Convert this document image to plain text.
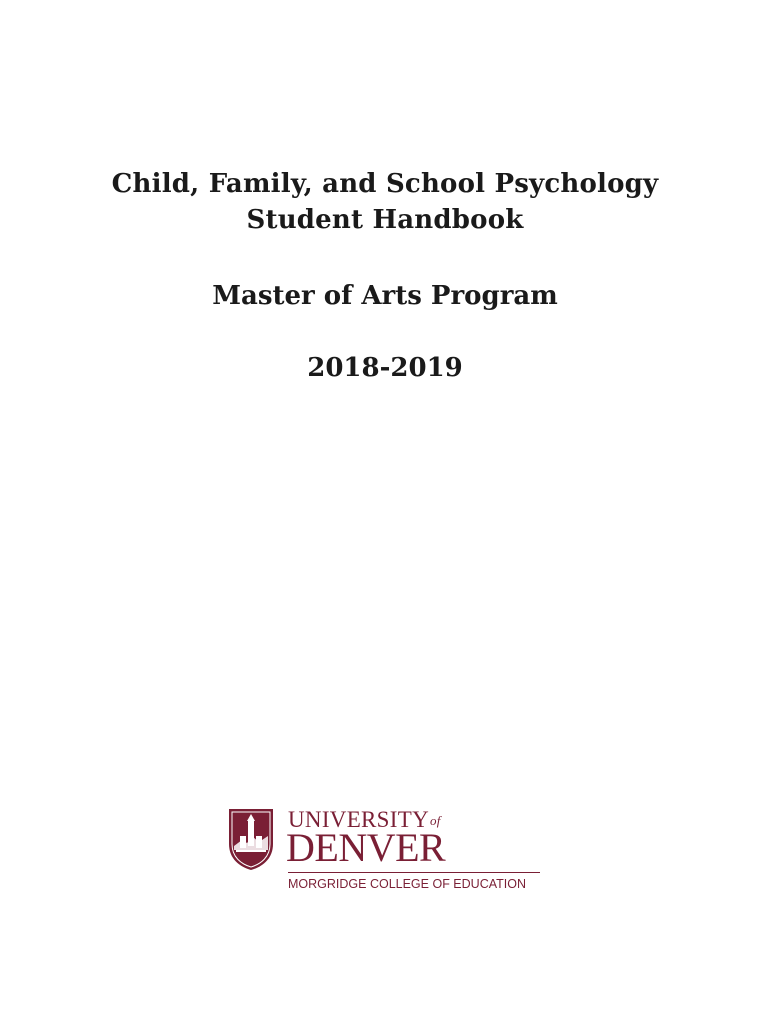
Child, Family, and School Psychology
Student Handbook
Master of Arts Program
2018-2019
UNIVERSITYof
DENVER
MORGRIDGE COLLEGE OF EDUCATION
